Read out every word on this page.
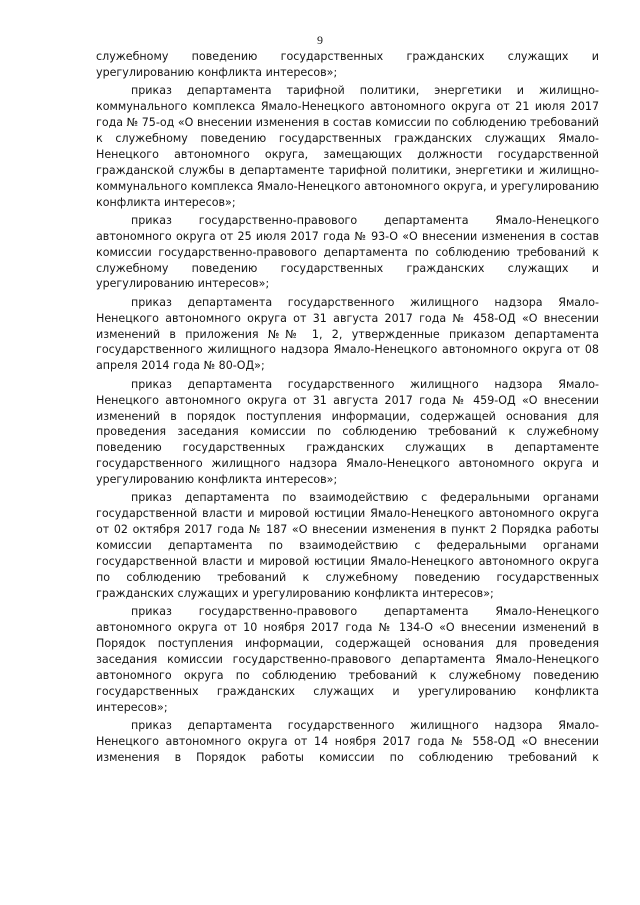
9

служебному поведению государственных гражданских служащих и урегулированию конфликта интересов»;

приказ департамента тарифной политики, энергетики и жилищно-коммунального комплекса Ямало-Ненецкого автономного округа от 21 июля 2017 года № 75-од «О внесении изменения в состав комиссии по соблюдению требований к служебному поведению государственных гражданских служащих Ямало-Ненецкого автономного округа, замещающих должности государственной гражданской службы в департаменте тарифной политики, энергетики и жилищно-коммунального комплекса Ямало-Ненецкого автономного округа, и урегулированию конфликта интересов»;

приказ государственно-правового департамента Ямало-Ненецкого автономного округа от 25 июля 2017 года № 93-О «О внесении изменения в состав комиссии государственно-правового департамента по соблюдению требований к служебному поведению государственных гражданских служащих и урегулированию интересов»;

приказ департамента государственного жилищного надзора Ямало-Ненецкого автономного округа от 31 августа 2017 года № 458-ОД «О внесении изменений в приложения №№ 1, 2, утвержденные приказом департамента государственного жилищного надзора Ямало-Ненецкого автономного округа от 08 апреля 2014 года № 80-ОД»;

приказ департамента государственного жилищного надзора Ямало-Ненецкого автономного округа от 31 августа 2017 года № 459-ОД «О внесении изменений в порядок поступления информации, содержащей основания для проведения заседания комиссии по соблюдению требований к служебному поведению государственных гражданских служащих в департаменте государственного жилищного надзора Ямало-Ненецкого автономного округа и урегулированию конфликта интересов»;

приказ департамента по взаимодействию с федеральными органами государственной власти и мировой юстиции Ямало-Ненецкого автономного округа от 02 октября 2017 года № 187 «О внесении изменения в пункт 2 Порядка работы комиссии департамента по взаимодействию с федеральными органами государственной власти и мировой юстиции Ямало-Ненецкого автономного округа по соблюдению требований к служебному поведению государственных гражданских служащих и урегулированию конфликта интересов»;

приказ государственно-правового департамента Ямало-Ненецкого автономного округа от 10 ноября 2017 года № 134-О «О внесении изменений в Порядок поступления информации, содержащей основания для проведения заседания комиссии государственно-правового департамента Ямало-Ненецкого автономного округа по соблюдению требований к служебному поведению государственных гражданских служащих и урегулированию конфликта интересов»;

приказ департамента государственного жилищного надзора Ямало-Ненецкого автономного округа от 14 ноября 2017 года № 558-ОД «О внесении изменения в Порядок работы комиссии по соблюдению требований к
